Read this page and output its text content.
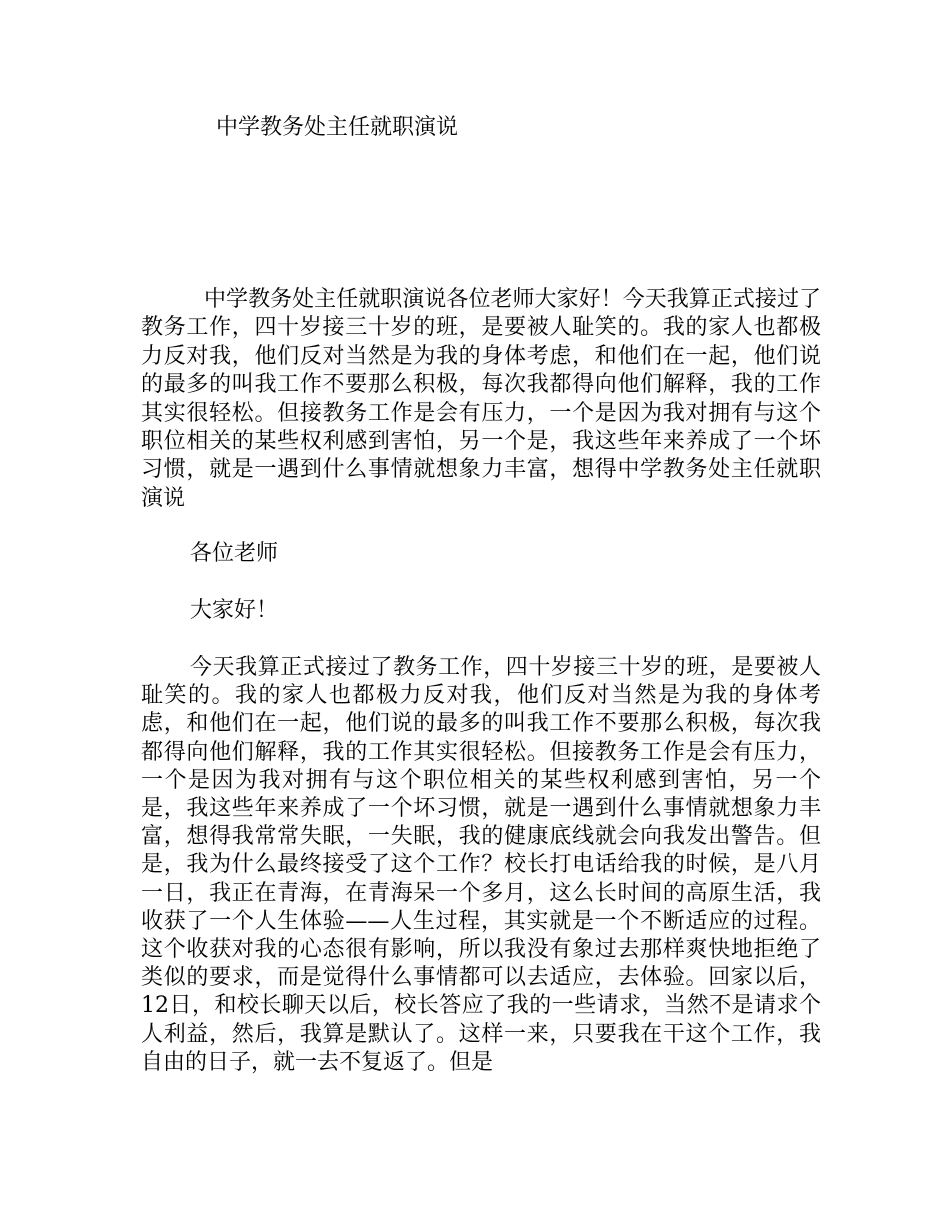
中学教务处主任就职演说

中学教务处主任就职演说各位老师大家好！今天我算正式接过了教务工作，四十岁接三十岁的班，是要被人耻笑的。我的家人也都极力反对我，他们反对当然是为我的身体考虑，和他们在一起，他们说的最多的叫我工作不要那么积极，每次我都得向他们解释，我的工作其实很轻松。但接教务工作是会有压力，一个是因为我对拥有与这个职位相关的某些权利感到害怕，另一个是，我这些年来养成了一个坏习惯，就是一遇到什么事情就想象力丰富，想得中学教务处主任就职演说

各位老师

大家好！

今天我算正式接过了教务工作，四十岁接三十岁的班，是要被人耻笑的。我的家人也都极力反对我，他们反对当然是为我的身体考虑，和他们在一起，他们说的最多的叫我工作不要那么积极，每次我都得向他们解释，我的工作其实很轻松。但接教务工作是会有压力，一个是因为我对拥有与这个职位相关的某些权利感到害怕，另一个是，我这些年来养成了一个坏习惯，就是一遇到什么事情就想象力丰富，想得我常常失眠，一失眠，我的健康底线就会向我发出警告。但是，我为什么最终接受了这个工作？校长打电话给我的时候，是八月一日，我正在青海，在青海呆一个多月，这么长时间的高原生活，我收获了一个人生体验——人生过程，其实就是一个不断适应的过程。这个收获对我的心态很有影响，所以我没有象过去那样爽快地拒绝了类似的要求，而是觉得什么事情都可以去适应，去体验。回家以后，12日，和校长聊天以后，校长答应了我的一些请求，当然不是请求个人利益，然后，我算是默认了。这样一来，只要我在干这个工作，我自由的日子，就一去不复返了。但是
